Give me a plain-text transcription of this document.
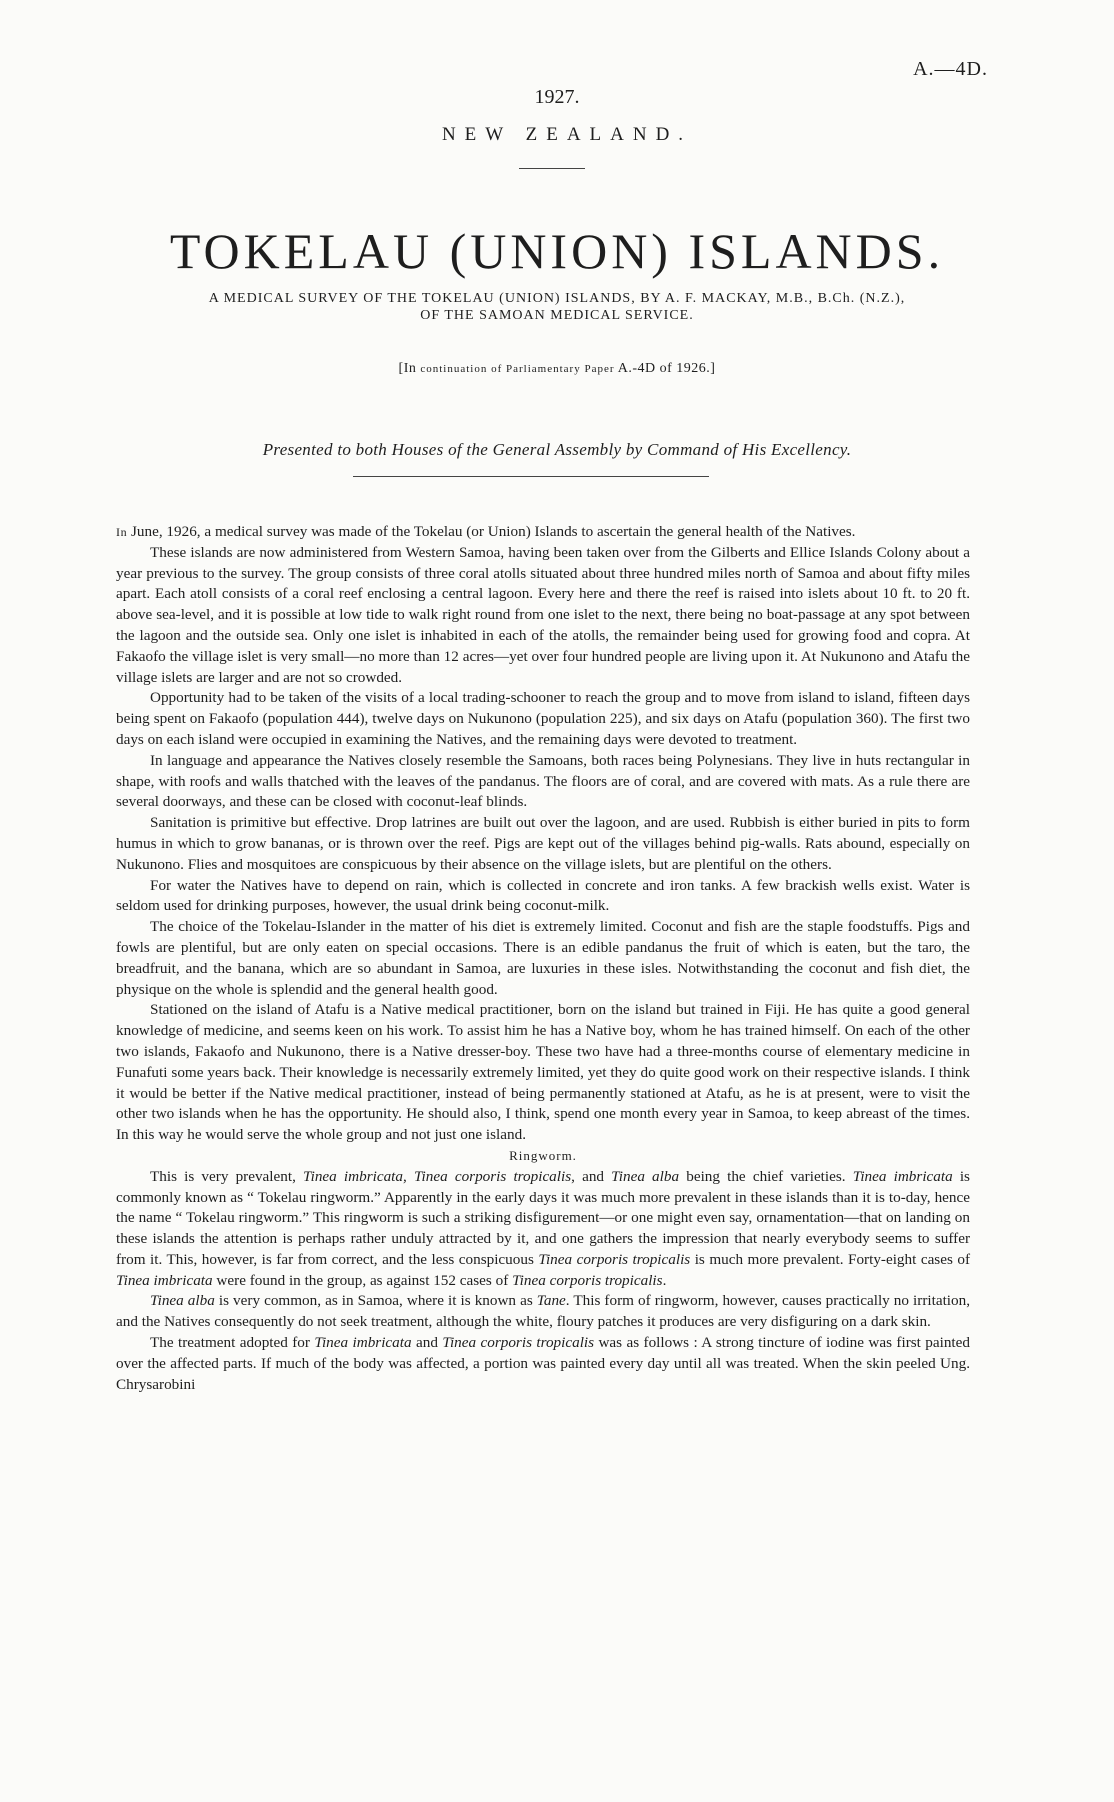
A.—4D.
1927.
NEW ZEALAND.
TOKELAU (UNION) ISLANDS.
A MEDICAL SURVEY OF THE TOKELAU (UNION) ISLANDS, BY A. F. MACKAY, M.B., B.Ch. (N.Z.),
OF THE SAMOAN MEDICAL SERVICE.
[In continuation of Parliamentary Paper A.-4D of 1926.]
Presented to both Houses of the General Assembly by Command of His Excellency.

In June, 1926, a medical survey was made of the Tokelau (or Union) Islands to ascertain the general health of the Natives.

These islands are now administered from Western Samoa, having been taken over from the Gilberts and Ellice Islands Colony about a year previous to the survey. The group consists of three coral atolls situated about three hundred miles north of Samoa and about fifty miles apart. Each atoll consists of a coral reef enclosing a central lagoon. Every here and there the reef is raised into islets about 10 ft. to 20 ft. above sea-level, and it is possible at low tide to walk right round from one islet to the next, there being no boat-passage at any spot between the lagoon and the outside sea. Only one islet is inhabited in each of the atolls, the remainder being used for growing food and copra. At Fakaofo the village islet is very small—no more than 12 acres—yet over four hundred people are living upon it. At Nukunono and Atafu the village islets are larger and are not so crowded.

Opportunity had to be taken of the visits of a local trading-schooner to reach the group and to move from island to island, fifteen days being spent on Fakaofo (population 444), twelve days on Nukunono (population 225), and six days on Atafu (population 360). The first two days on each island were occupied in examining the Natives, and the remaining days were devoted to treatment.

In language and appearance the Natives closely resemble the Samoans, both races being Polynesians. They live in huts rectangular in shape, with roofs and walls thatched with the leaves of the pandanus. The floors are of coral, and are covered with mats. As a rule there are several doorways, and these can be closed with coconut-leaf blinds.

Sanitation is primitive but effective. Drop latrines are built out over the lagoon, and are used. Rubbish is either buried in pits to form humus in which to grow bananas, or is thrown over the reef. Pigs are kept out of the villages behind pig-walls. Rats abound, especially on Nukunono. Flies and mosquitoes are conspicuous by their absence on the village islets, but are plentiful on the others.

For water the Natives have to depend on rain, which is collected in concrete and iron tanks. A few brackish wells exist. Water is seldom used for drinking purposes, however, the usual drink being coconut-milk.

The choice of the Tokelau-Islander in the matter of his diet is extremely limited. Coconut and fish are the staple foodstuffs. Pigs and fowls are plentiful, but are only eaten on special occasions. There is an edible pandanus the fruit of which is eaten, but the taro, the breadfruit, and the banana, which are so abundant in Samoa, are luxuries in these isles. Notwithstanding the coconut and fish diet, the physique on the whole is splendid and the general health good.

Stationed on the island of Atafu is a Native medical practitioner, born on the island but trained in Fiji. He has quite a good general knowledge of medicine, and seems keen on his work. To assist him he has a Native boy, whom he has trained himself. On each of the other two islands, Fakaofo and Nukunono, there is a Native dresser-boy. These two have had a three-months course of elementary medicine in Funafuti some years back. Their knowledge is necessarily extremely limited, yet they do quite good work on their respective islands. I think it would be better if the Native medical practitioner, instead of being permanently stationed at Atafu, as he is at present, were to visit the other two islands when he has the opportunity. He should also, I think, spend one month every year in Samoa, to keep abreast of the times. In this way he would serve the whole group and not just one island.

Ringworm.

This is very prevalent, Tinea imbricata, Tinea corporis tropicalis, and Tinea alba being the chief varieties. Tinea imbricata is commonly known as “ Tokelau ringworm.” Apparently in the early days it was much more prevalent in these islands than it is to-day, hence the name “ Tokelau ringworm.” This ringworm is such a striking disfigurement—or one might even say, ornamentation—that on landing on these islands the attention is perhaps rather unduly attracted by it, and one gathers the impression that nearly everybody seems to suffer from it. This, however, is far from correct, and the less conspicuous Tinea corporis tropicalis is much more prevalent. Forty-eight cases of Tinea imbricata were found in the group, as against 152 cases of Tinea corporis tropicalis.

Tinea alba is very common, as in Samoa, where it is known as Tane. This form of ringworm, however, causes practically no irritation, and the Natives consequently do not seek treatment, although the white, floury patches it produces are very disfiguring on a dark skin.

The treatment adopted for Tinea imbricata and Tinea corporis tropicalis was as follows : A strong tincture of iodine was first painted over the affected parts. If much of the body was affected, a portion was painted every day until all was treated. When the skin peeled Ung. Chrysarobini
